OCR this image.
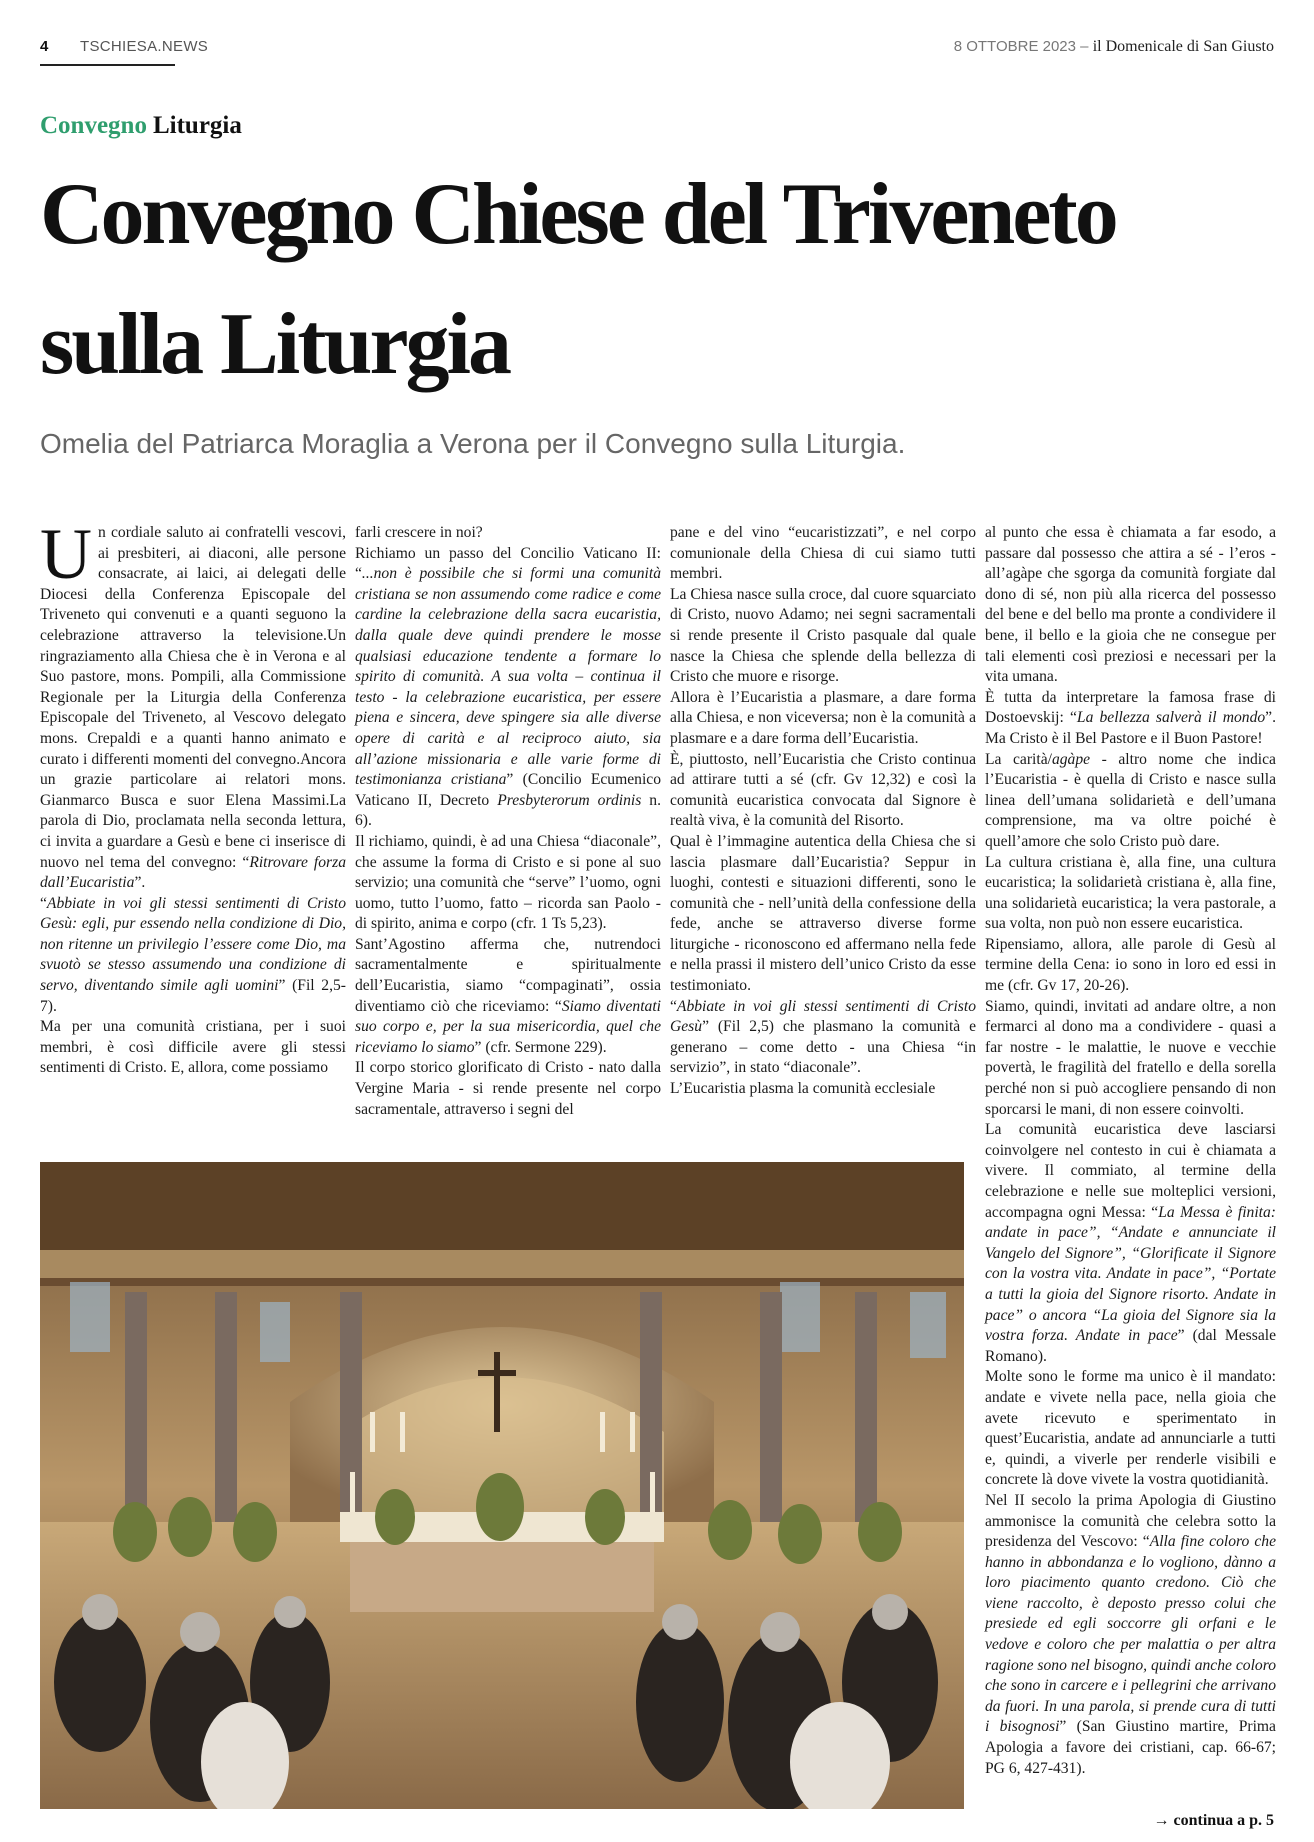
4 TSCHIESA.NEWS	8 OTTOBRE 2023 – il Domenicale di San Giusto
Convegno Liturgia
Convegno Chiese del Triveneto sulla Liturgia
Omelia del Patriarca Moraglia a Verona per il Convegno sulla Liturgia.
U n cordiale saluto ai confratelli vescovi, ai presbiteri, ai diaconi, alle persone consacrate, ai laici, ai delegati delle Diocesi della Conferenza Episcopale del Triveneto qui convenuti e a quanti seguono la celebrazione attraverso la televisione.Un ringraziamento alla Chiesa che è in Verona e al Suo pastore, mons. Pompili, alla Commissione Regionale per la Liturgia della Conferenza Episcopale del Triveneto, al Vescovo delegato mons. Crepaldi e a quanti hanno animato e curato i differenti momenti del convegno.Ancora un grazie particolare ai relatori mons. Gianmarco Busca e suor Elena Massimi.La parola di Dio, proclamata nella seconda lettura, ci invita a guardare a Gesù e bene ci inserisce di nuovo nel tema del convegno: “Ritrovare forza dall’Eucaristia”.
“Abbiate in voi gli stessi sentimenti di Cristo Gesù: egli, pur essendo nella condizione di Dio, non ritenne un privilegio l’essere come Dio, ma svuotò se stesso assumendo una condizione di servo, diventando simile agli uomini” (Fil 2,5-7).
Ma per una comunità cristiana, per i suoi membri, è così difficile avere gli stessi sentimenti di Cristo. E, allora, come possiamo

farli crescere in noi?
Richiamo un passo del Concilio Vaticano II: “...non è possibile che si formi una comunità cristiana se non assumendo come radice e come cardine la celebrazione della sacra eucaristia, dalla quale deve quindi prendere le mosse qualsiasi educazione tendente a formare lo spirito di comunità. A sua volta – continua il testo - la celebrazione eucaristica, per essere piena e sincera, deve spingere sia alle diverse opere di carità e al reciproco aiuto, sia all’azione missionaria e alle varie forme di testimonianza cristiana” (Concilio Ecumenico Vaticano II, Decreto Presbyterorum ordinis n. 6).
Il richiamo, quindi, è ad una Chiesa “diaconale”, che assume la forma di Cristo e si pone al suo servizio; una comunità che “serve” l’uomo, ogni uomo, tutto l’uomo, fatto – ricorda san Paolo - di spirito, anima e corpo (cfr. 1 Ts 5,23).
Sant’Agostino afferma che, nutrendoci sacramentalmente e spiritualmente dell’Eucaristia, siamo “compaginati”, ossia diventiamo ciò che riceviamo: “Siamo diventati suo corpo e, per la sua misericordia, quel che riceviamo lo siamo” (cfr. Sermone 229).
Il corpo storico glorificato di Cristo - nato dalla Vergine Maria - si rende presente nel corpo sacramentale, attraverso i segni del

pane e del vino “eucaristizzati”, e nel corpo comunionale della Chiesa di cui siamo tutti membri.
La Chiesa nasce sulla croce, dal cuore squarciato di Cristo, nuovo Adamo; nei segni sacramentali si rende presente il Cristo pasquale dal quale nasce la Chiesa che splende della bellezza di Cristo che muore e risorge.
Allora è l’Eucaristia a plasmare, a dare forma alla Chiesa, e non viceversa; non è la comunità a plasmare e a dare forma dell’Eucaristia.
È, piuttosto, nell’Eucaristia che Cristo continua ad attirare tutti a sé (cfr. Gv 12,32) e così la comunità eucaristica convocata dal Signore è realtà viva, è la comunità del Risorto.
Qual è l’immagine autentica della Chiesa che si lascia plasmare dall’Eucaristia? Seppur in luoghi, contesti e situazioni differenti, sono le comunità che - nell’unità della confessione della fede, anche se attraverso diverse forme liturgiche - riconoscono ed affermano nella fede e nella prassi il mistero dell’unico Cristo da esse testimoniato.
“Abbiate in voi gli stessi sentimenti di Cristo Gesù” (Fil 2,5) che plasmano la comunità e generano – come detto - una Chiesa “in servizio”, in stato “diaconale”.
L’Eucaristia plasma la comunità ecclesiale

al punto che essa è chiamata a far esodo, a passare dal possesso che attira a sé - l’eros - all’agàpe che sgorga da comunità forgiate dal dono di sé, non più alla ricerca del possesso del bene e del bello ma pronte a condividere il bene, il bello e la gioia che ne consegue per tali elementi così preziosi e necessari per la vita umana.
È tutta da interpretare la famosa frase di Dostoevskij: “La bellezza salverà il mondo”. Ma Cristo è il Bel Pastore e il Buon Pastore!
La carità/agàpe - altro nome che indica l’Eucaristia - è quella di Cristo e nasce sulla linea dell’umana solidarietà e dell’umana comprensione, ma va oltre poiché è quell’amore che solo Cristo può dare.
La cultura cristiana è, alla fine, una cultura eucaristica; la solidarietà cristiana è, alla fine, una solidarietà eucaristica; la vera pastorale, a sua volta, non può non essere eucaristica.
Ripensiamo, allora, alle parole di Gesù al termine della Cena: io sono in loro ed essi in me (cfr. Gv 17, 20-26).
Siamo, quindi, invitati ad andare oltre, a non fermarci al dono ma a condividere - quasi a far nostre - le malattie, le nuove e vecchie povertà, le fragilità del fratello e della sorella perché non si può accogliere pensando di non sporcarsi le mani, di non essere coinvolti.
La comunità eucaristica deve lasciarsi coinvolgere nel contesto in cui è chiamata a vivere. Il commiato, al termine della celebrazione e nelle sue molteplici versioni, accompagna ogni Messa: “La Messa è finita: andate in pace”, “Andate e annunciate il Vangelo del Signore”, “Glorificate il Signore con la vostra vita. Andate in pace”, “Portate a tutti la gioia del Signore risorto. Andate in pace” o ancora “La gioia del Signore sia la vostra forza. Andate in pace” (dal Messale Romano).
Molte sono le forme ma unico è il mandato: andate e vivete nella pace, nella gioia che avete ricevuto e sperimentato in quest’Eucaristia, andate ad annunciarle a tutti e, quindi, a viverle per renderle visibili e concrete là dove vivete la vostra quotidianità.
Nel II secolo la prima Apologia di Giustino ammonisce la comunità che celebra sotto la presidenza del Vescovo: “Alla fine coloro che hanno in abbondanza e lo vogliono, dànno a loro piacimento quanto credono. Ciò che viene raccolto, è deposto presso colui che presiede ed egli soccorre gli orfani e le vedove e coloro che per malattia o per altra ragione sono nel bisogno, quindi anche coloro che sono in carcere e i pellegrini che arrivano da fuori. In una parola, si prende cura di tutti i bisognosi” (San Giustino martire, Prima Apologia a favore dei cristiani, cap. 66-67; PG 6, 427-431).

→ continua a p. 5
